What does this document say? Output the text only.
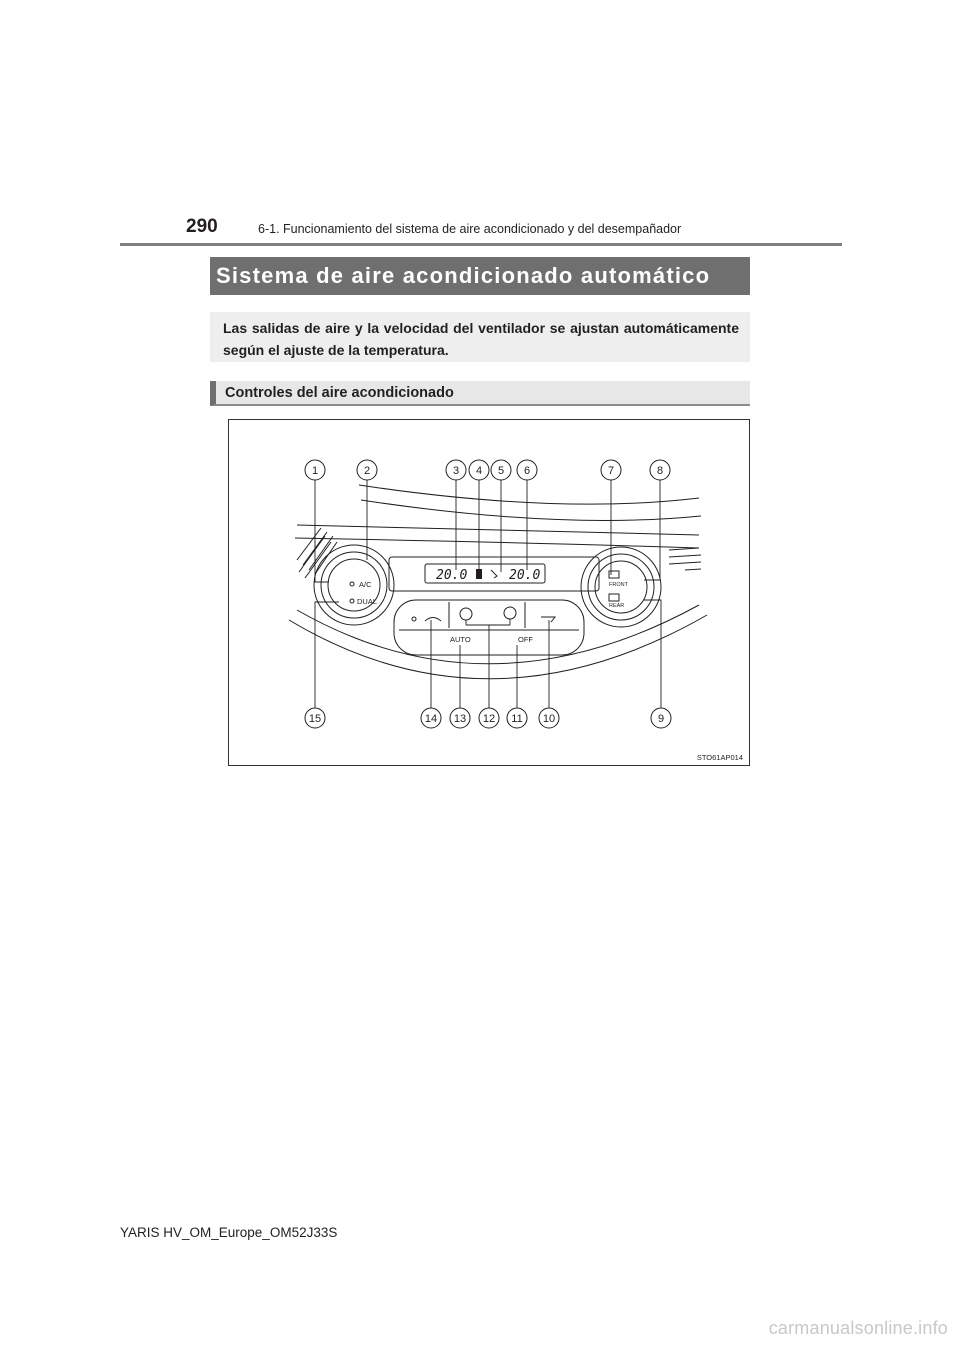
290	6-1. Funcionamiento del sistema de aire acondicionado y del desempañador
Sistema de aire acondicionado automático
Las salidas de aire y la velocidad del ventilador se ajustan automáticamente según el ajuste de la temperatura.
Controles del aire acondicionado
20.0	20.0
A/C
DUAL
FRONT
REAR
AUTO	OFF
1	2	3 4 5 6	7	8
15	14 13 12 11 10	9
STO61AP014
YARIS HV_OM_Europe_OM52J33S
carmanualsonline.info
